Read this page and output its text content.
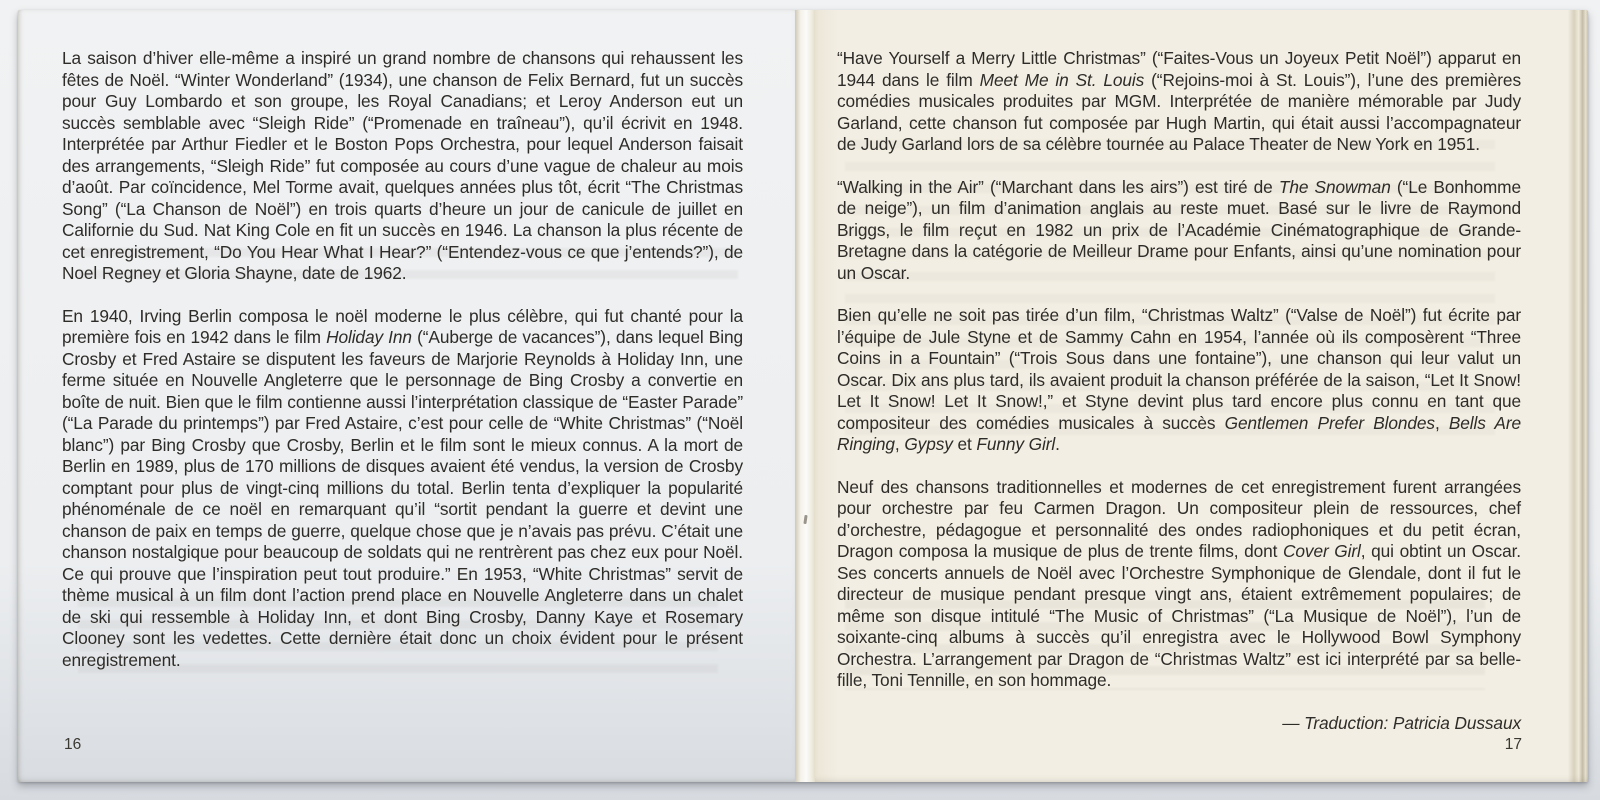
La saison d’hiver elle-même a inspiré un grand nombre de chansons qui rehaussent les fêtes de Noël. “Winter Wonderland” (1934), une chanson de Felix Bernard, fut un succès pour Guy Lombardo et son groupe, les Royal Canadians; et Leroy Anderson eut un succès semblable avec “Sleigh Ride” (“Promenade en traîneau”), qu’il écrivit en 1948. Interprétée par Arthur Fiedler et le Boston Pops Orchestra, pour lequel Anderson faisait des arrangements, “Sleigh Ride” fut composée au cours d’une vague de chaleur au mois d’août. Par coïncidence, Mel Torme avait, quelques années plus tôt, écrit “The Christmas Song” (“La Chanson de Noël”) en trois quarts d’heure un jour de canicule de juillet en Californie du Sud. Nat King Cole en fit un succès en 1946. La chanson la plus récente de cet enregistrement, “Do You Hear What I Hear?” (“Entendez-vous ce que j’entends?”), de Noel Regney et Gloria Shayne, date de 1962.

En 1940, Irving Berlin composa le noël moderne le plus célèbre, qui fut chanté pour la première fois en 1942 dans le film Holiday Inn (“Auberge de vacances”), dans lequel Bing Crosby et Fred Astaire se disputent les faveurs de Marjorie Reynolds à Holiday Inn, une ferme située en Nouvelle Angleterre que le personnage de Bing Crosby a convertie en boîte de nuit. Bien que le film contienne aussi l’interprétation classique de “Easter Parade” (“La Parade du printemps”) par Fred Astaire, c’est pour celle de “White Christmas” (“Noël blanc”) par Bing Crosby que Crosby, Berlin et le film sont le mieux connus. A la mort de Berlin en 1989, plus de 170 millions de disques avaient été vendus, la version de Crosby comptant pour plus de vingt-cinq millions du total. Berlin tenta d’expliquer la popularité phénoménale de ce noël en remarquant qu’il “sortit pendant la guerre et devint une chanson de paix en temps de guerre, quelque chose que je n’avais pas prévu. C’était une chanson nostalgique pour beaucoup de soldats qui ne rentrèrent pas chez eux pour Noël. Ce qui prouve que l’inspiration peut tout produire.” En 1953, “White Christmas” servit de thème musical à un film dont l’action prend place en Nouvelle Angleterre dans un chalet de ski qui ressemble à Holiday Inn, et dont Bing Crosby, Danny Kaye et Rosemary Clooney sont les vedettes. Cette dernière était donc un choix évident pour le présent enregistrement.

16

“Have Yourself a Merry Little Christmas” (“Faites-Vous un Joyeux Petit Noël”) apparut en 1944 dans le film Meet Me in St. Louis (“Rejoins-moi à St. Louis”), l’une des premières comédies musicales produites par MGM. Interprétée de manière mémorable par Judy Garland, cette chanson fut composée par Hugh Martin, qui était aussi l’accompagnateur de Judy Garland lors de sa célèbre tournée au Palace Theater de New York en 1951.

“Walking in the Air” (“Marchant dans les airs”) est tiré de The Snowman (“Le Bonhomme de neige”), un film d’animation anglais au reste muet. Basé sur le livre de Raymond Briggs, le film reçut en 1982 un prix de l’Académie Cinématographique de Grande-Bretagne dans la catégorie de Meilleur Drame pour Enfants, ainsi qu’une nomination pour un Oscar.

Bien qu’elle ne soit pas tirée d’un film, “Christmas Waltz” (“Valse de Noël”) fut écrite par l’équipe de Jule Styne et de Sammy Cahn en 1954, l’année où ils composèrent “Three Coins in a Fountain” (“Trois Sous dans une fontaine”), une chanson qui leur valut un Oscar. Dix ans plus tard, ils avaient produit la chanson préférée de la saison, “Let It Snow! Let It Snow! Let It Snow!,” et Styne devint plus tard encore plus connu en tant que compositeur des comédies musicales à succès Gentlemen Prefer Blondes, Bells Are Ringing, Gypsy et Funny Girl.

Neuf des chansons traditionnelles et modernes de cet enregistrement furent arrangées pour orchestre par feu Carmen Dragon. Un compositeur plein de ressources, chef d’orchestre, pédagogue et personnalité des ondes radiophoniques et du petit écran, Dragon composa la musique de plus de trente films, dont Cover Girl, qui obtint un Oscar. Ses concerts annuels de Noël avec l’Orchestre Symphonique de Glendale, dont il fut le directeur de musique pendant presque vingt ans, étaient extrêmement populaires; de même son disque intitulé “The Music of Christmas” (“La Musique de Noël”), l’un de soixante-cinq albums à succès qu’il enregistra avec le Hollywood Bowl Symphony Orchestra. L’arrangement par Dragon de “Christmas Waltz” est ici interprété par sa belle-fille, Toni Tennille, en son hommage.

— Traduction: Patricia Dussaux
17
